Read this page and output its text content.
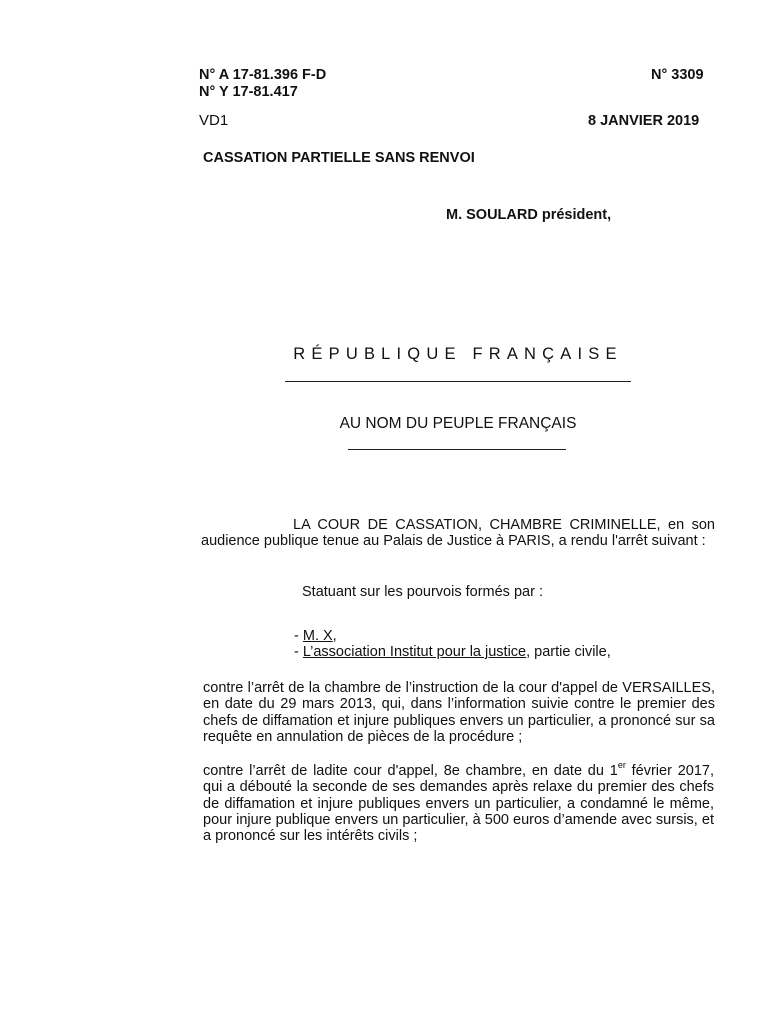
N° A 17-81.396 F-D
N° Y 17-81.417
N° 3309
VD1	8 JANVIER 2019
CASSATION PARTIELLE SANS RENVOI
M. SOULARD président,
RÉPUBLIQUE FRANÇAISE
AU NOM DU PEUPLE FRANÇAIS

LA COUR DE CASSATION, CHAMBRE CRIMINELLE, en son audience publique tenue au Palais de Justice à PARIS, a rendu l'arrêt suivant :

Statuant sur les pourvois formés par :
- M. X,
- L’association Institut pour la justice, partie civile,

contre l’arrêt de la chambre de l’instruction de la cour d'appel de VERSAILLES, en date du 29 mars 2013, qui, dans l’information suivie contre le premier des chefs de diffamation et injure publiques envers un particulier, a prononcé sur sa requête en annulation de pièces de la procédure ;

contre l’arrêt de ladite cour d'appel, 8e chambre, en date du 1er février 2017, qui a débouté la seconde de ses demandes après relaxe du premier des chefs de diffamation et injure publiques envers un particulier, a condamné le même, pour injure publique envers un particulier, à 500 euros d’amende avec sursis, et a prononcé sur les intérêts civils ;
